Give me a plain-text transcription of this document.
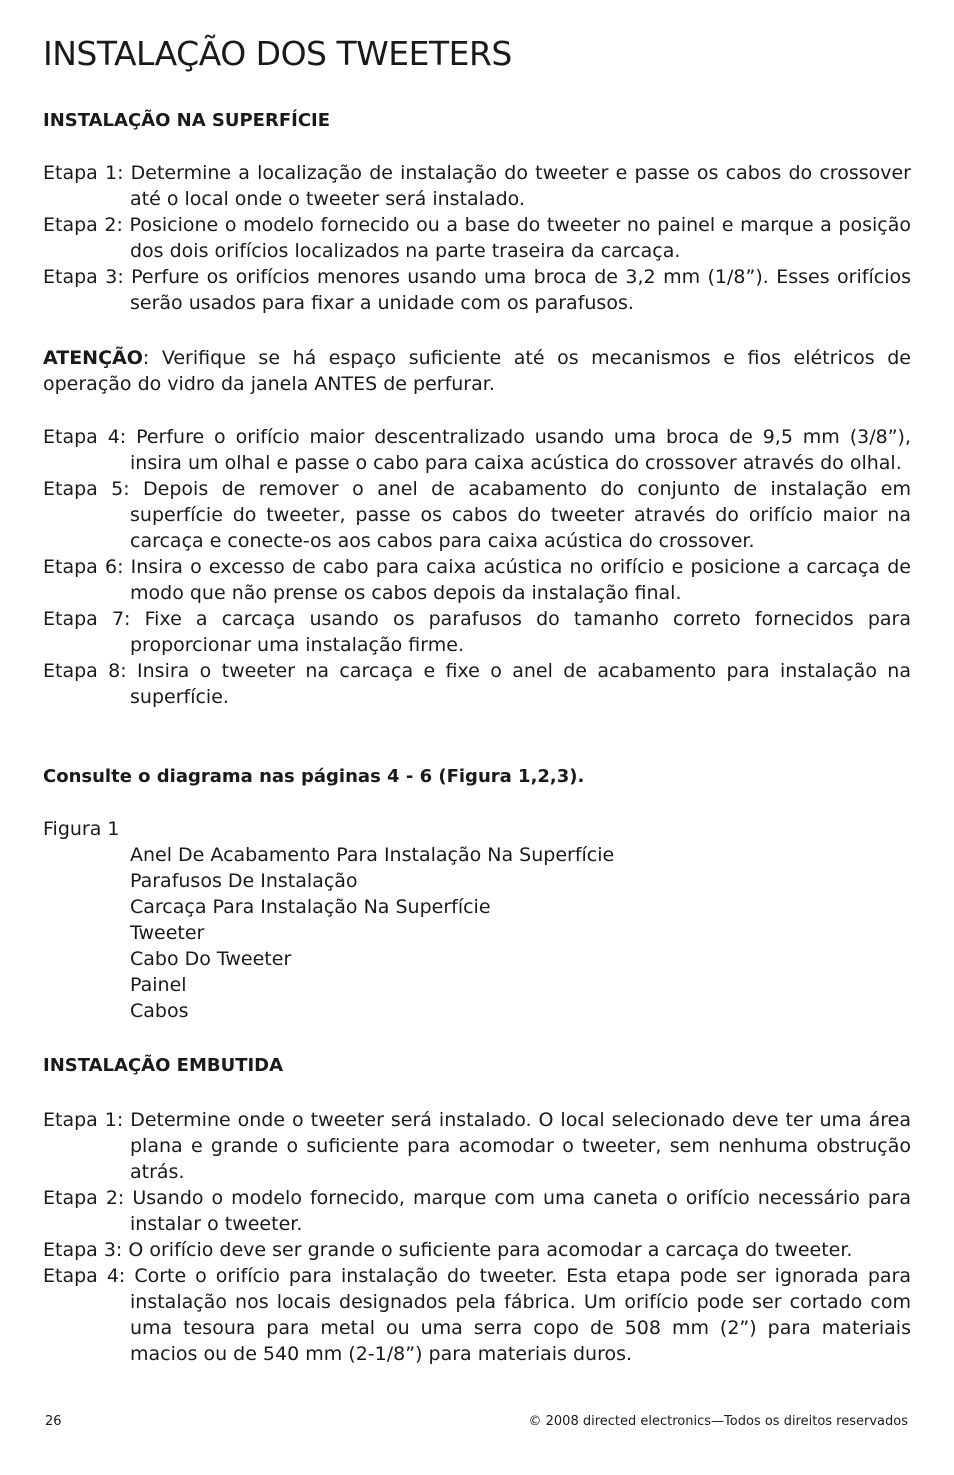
INSTALAÇÃO DOS TWEETERS
INSTALAÇÃO NA SUPERFÍCIE
Etapa 1: Determine a localização de instalação do tweeter e passe os cabos do crossover até o local onde o tweeter será instalado.
Etapa 2: Posicione o modelo fornecido ou a base do tweeter no painel e marque a posição dos dois orifícios localizados na parte traseira da carcaça.
Etapa 3: Perfure os orifícios menores usando uma broca de 3,2 mm (1/8”). Esses orifícios serão usados para fixar a unidade com os parafusos.
ATENÇÃO: Verifique se há espaço suficiente até os mecanismos e fios elétricos de operação do vidro da janela ANTES de perfurar.
Etapa 4: Perfure o orifício maior descentralizado usando uma broca de 9,5 mm (3/8”), insira um olhal e passe o cabo para caixa acústica do crossover através do olhal.
Etapa 5: Depois de remover o anel de acabamento do conjunto de instalação em superfície do tweeter, passe os cabos do tweeter através do orifício maior na carcaça e conecte-os aos cabos para caixa acústica do crossover.
Etapa 6: Insira o excesso de cabo para caixa acústica no orifício e posicione a carcaça de modo que não prense os cabos depois da instalação final.
Etapa 7: Fixe a carcaça usando os parafusos do tamanho correto fornecidos para proporcionar uma instalação firme.
Etapa 8: Insira o tweeter na carcaça e fixe o anel de acabamento para instalação na superfície.
Consulte o diagrama nas páginas 4 - 6 (Figura 1,2,3).
Figura 1
Anel De Acabamento Para Instalação Na Superfície
Parafusos De Instalação
Carcaça Para Instalação Na Superfície
Tweeter
Cabo Do Tweeter
Painel
Cabos
INSTALAÇÃO EMBUTIDA
Etapa 1: Determine onde o tweeter será instalado. O local selecionado deve ter uma área plana e grande o suficiente para acomodar o tweeter, sem nenhuma obstrução atrás.
Etapa 2: Usando o modelo fornecido, marque com uma caneta o orifício necessário para instalar o tweeter.
Etapa 3: O orifício deve ser grande o suficiente para acomodar a carcaça do tweeter.
Etapa 4: Corte o orifício para instalação do tweeter. Esta etapa pode ser ignorada para instalação nos locais designados pela fábrica. Um orifício pode ser cortado com uma tesoura para metal ou uma serra copo de 508 mm (2”) para materiais macios ou de 540 mm (2-1/8”) para materiais duros.
26	© 2008 directed electronics—Todos os direitos reservados
